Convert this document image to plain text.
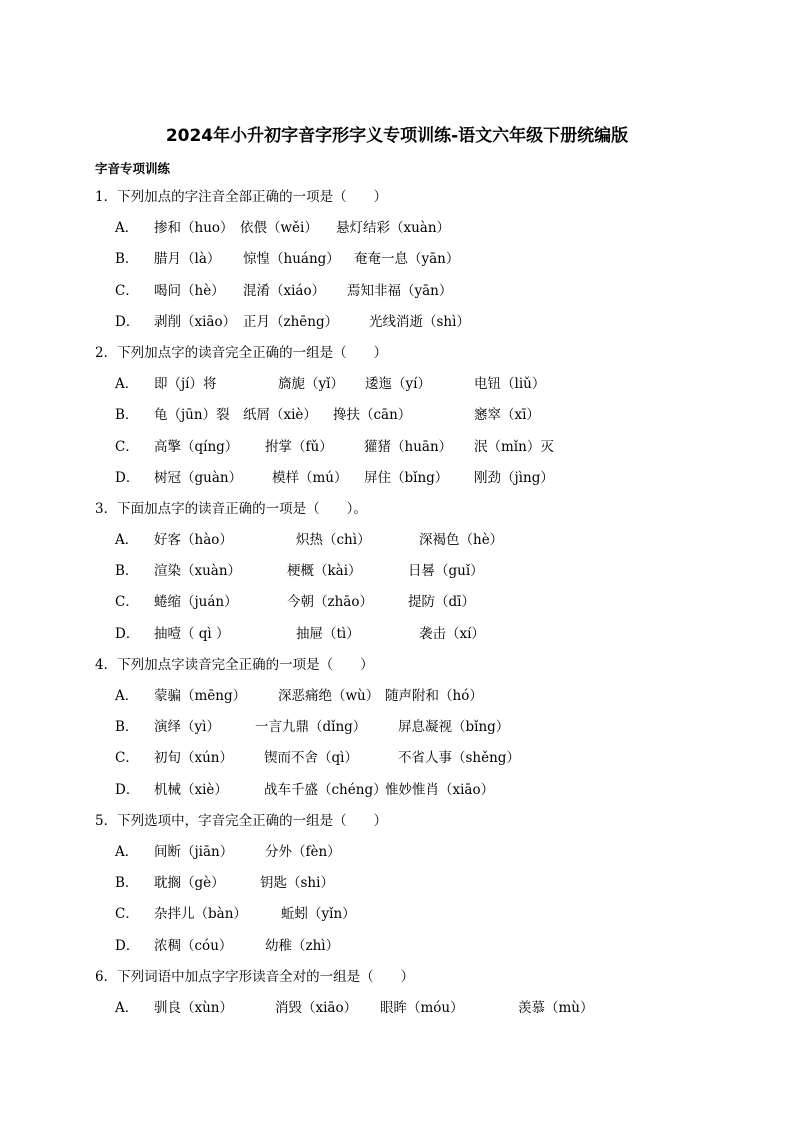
2024年小升初字音字形字义专项训练-语文六年级下册统编版
字音专项训练
1．下列加点的字注音全部正确的一项是（　　）
A． 掺和（huo） 依偎（wěi） 悬灯结彩（xuàn）
B． 腊月（là） 惊惶（huáng） 奄奄一息（yān）
C． 喝问（hè） 混淆（xiáo） 焉知非福（yān）
D． 剥削（xiāo） 正月（zhēng） 光线消逝（shì）
2．下列加点字的读音完全正确的一组是（　　）
A． 即（jí）将	旖旎（yǐ） 逶迤（yí）	电钮（liǔ）
B． 龟（jūn）裂 纸屑（xiè） 搀扶（cān）	窸窣（xī）
C． 高擎（qíng） 拊掌（fǔ） 獾猪（huān） 泯（mǐn）灭
D． 树冠（guàn） 模样（mú） 屏住（bǐng） 刚劲（jìng）
3．下面加点字的读音正确的一项是（　　）。
A． 好客（hào）	炽热（chì）	深褐色（hè）
B． 渲染（xuàn）	梗概（kài）	日晷（guǐ）
C． 蜷缩（juán）	今朝（zhāo）	提防（dī）
D． 抽噎（ qì ）	抽屉（tì）	袭击（xí）
4．下列加点字读音完全正确的一项是（　　）
A． 蒙骗（mēng） 深恶痛绝（wù） 随声附和（hó）
B． 演绎（yì）	一言九鼎（dǐng） 屏息凝视（bǐng）
C． 初旬（xún） 锲而不舍（qì）	不省人事（shěng）
D． 机械（xiè）	战车千盛（chéng）
惟妙惟肖（xiāo）
5．下列选项中，字音完全正确的一组是（　　）
A． 间断（jiān） 分外（fèn）
B． 耽搁（gè）	钥匙（shi）
C． 杂拌儿（bàn）	蚯蚓（yǐn）
D． 浓稠（cóu） 幼稚（zhì）
6．下列词语中加点字字形读音全对的一组是（　　）
A． 驯良（xùn）	消毁（xiāo） 眼眸（móu）	羡慕（mù）
